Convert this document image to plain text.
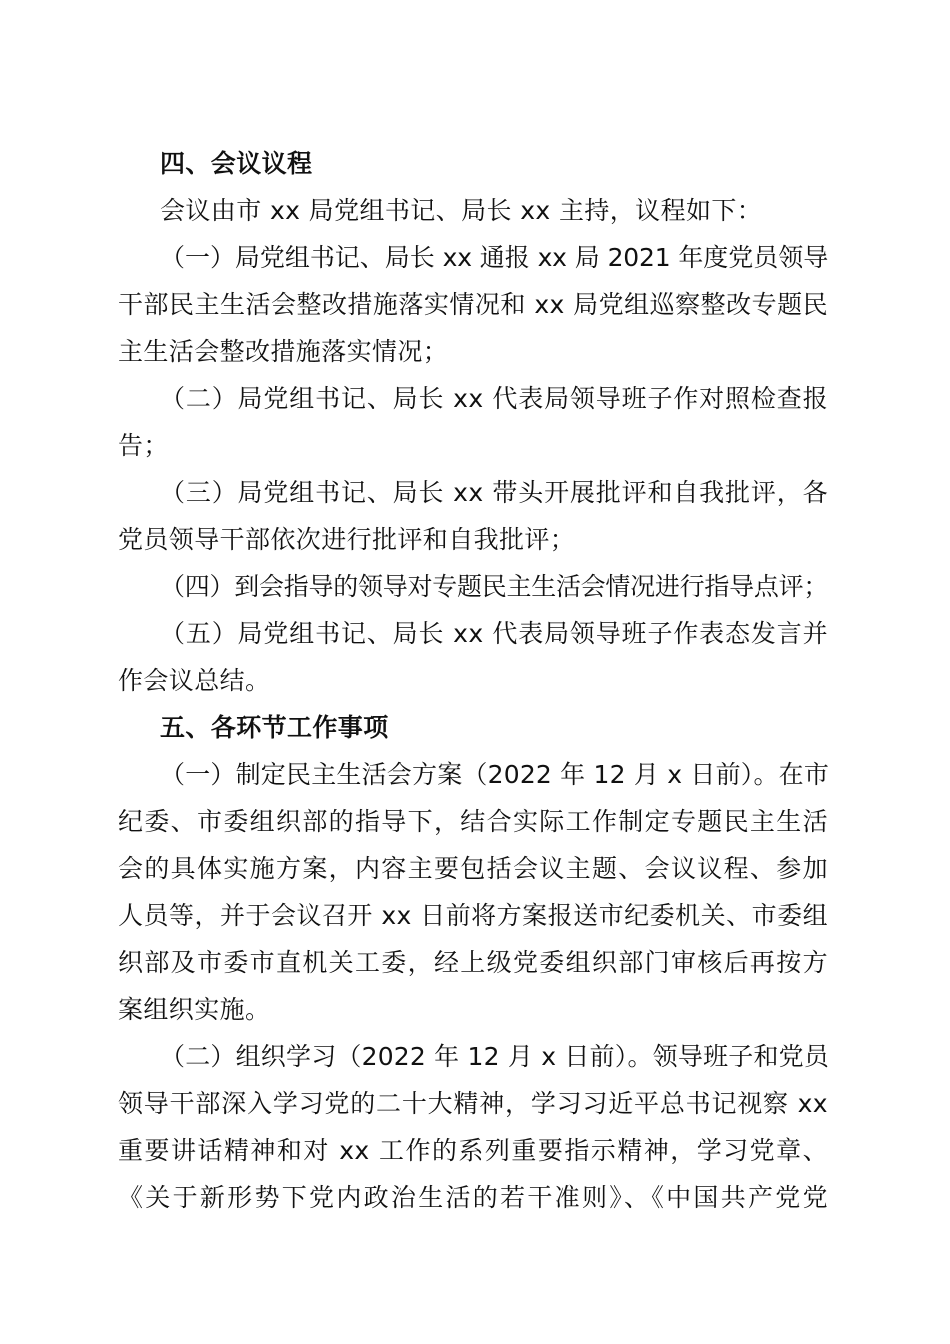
四、会议议程
会议由市 xx 局党组书记、局长 xx 主持，议程如下：
（一）局党组书记、局长 xx 通报 xx 局 2021 年度党员领导
干部民主生活会整改措施落实情况和 xx 局党组巡察整改专题民
主生活会整改措施落实情况；
（二）局党组书记、局长 xx 代表局领导班子作对照检查报
告；
（三）局党组书记、局长 xx 带头开展批评和自我批评，各
党员领导干部依次进行批评和自我批评；
（四）到会指导的领导对专题民主生活会情况进行指导点评；
（五）局党组书记、局长 xx 代表局领导班子作表态发言并
作会议总结。
五、各环节工作事项
（一）制定民主生活会方案（2022 年 12 月 x 日前）。在市
纪委、市委组织部的指导下，结合实际工作制定专题民主生活
会的具体实施方案，内容主要包括会议主题、会议议程、参加
人员等，并于会议召开 xx 日前将方案报送市纪委机关、市委组
织部及市委市直机关工委，经上级党委组织部门审核后再按方
案组织实施。
（二）组织学习（2022 年 12 月 x 日前）。领导班子和党员
领导干部深入学习党的二十大精神，学习习近平总书记视察 xx
重要讲话精神和对 xx 工作的系列重要指示精神，学习党章、
《关于新形势下党内政治生活的若干准则》、《中国共产党党
